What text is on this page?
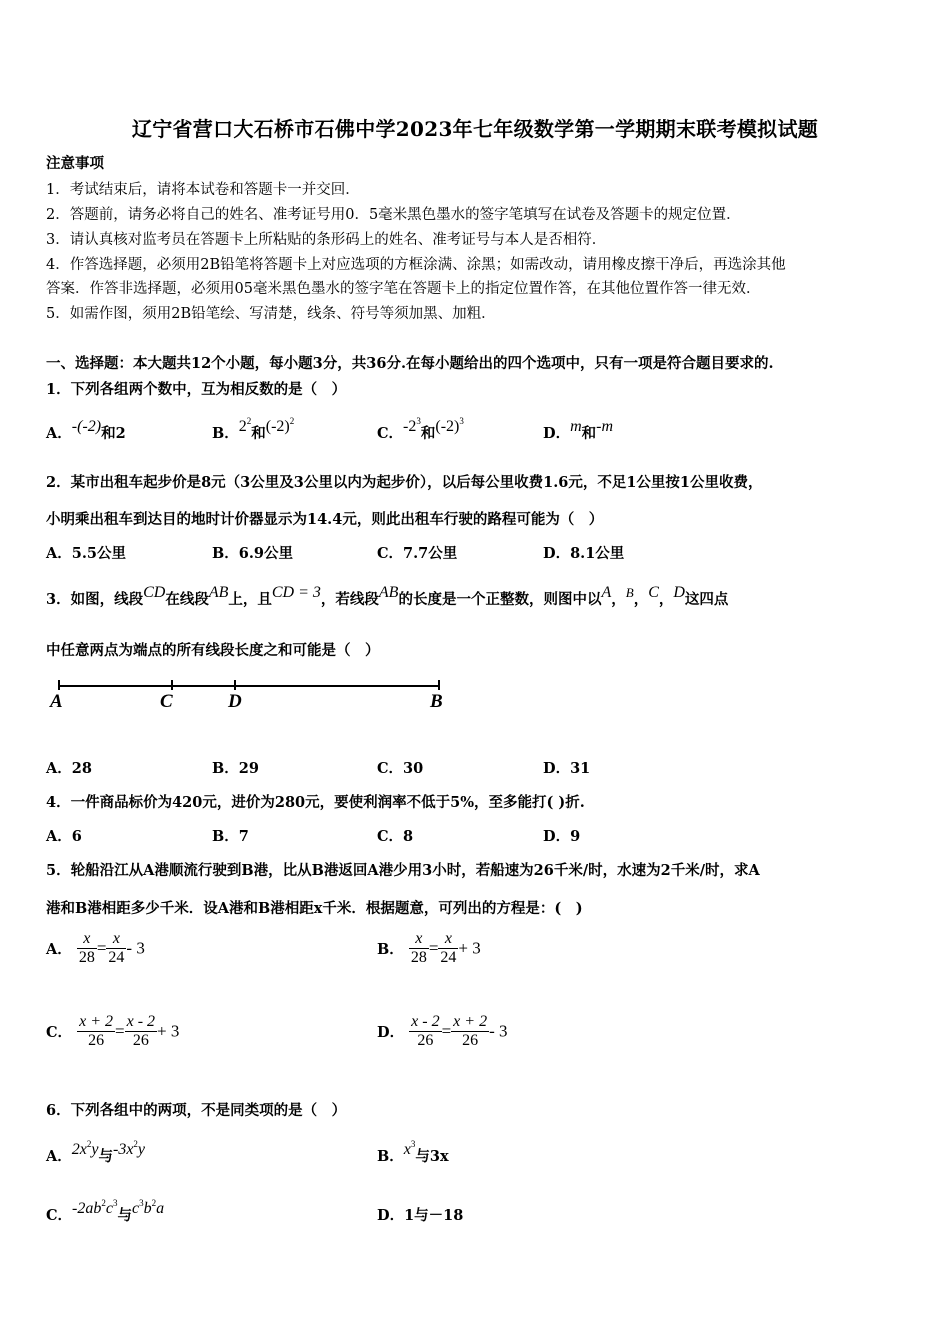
辽宁省营口大石桥市石佛中学2023年七年级数学第一学期期末联考模拟试题
注意事项
1．考试结束后，请将本试卷和答题卡一并交回．
2．答题前，请务必将自己的姓名、准考证号用0．5毫米黑色墨水的签字笔填写在试卷及答题卡的规定位置．
3．请认真核对监考员在答题卡上所粘贴的条形码上的姓名、准考证号与本人是否相符．
4．作答选择题，必须用2B铅笔将答题卡上对应选项的方框涂满、涂黑；如需改动，请用橡皮擦干净后，再选涂其他
答案．作答非选择题，必须用05毫米黑色墨水的签字笔在答题卡上的指定位置作答，在其他位置作答一律无效．
5．如需作图，须用2B铅笔绘、写清楚，线条、符号等须加黑、加粗．
一、选择题：本大题共12个小题，每小题3分，共36分.在每小题给出的四个选项中，只有一项是符合题目要求的.
1．下列各组两个数中，互为相反数的是（　）
A．-(-2)和2	B．$2^2$和$(-2)^2$
C．$-2^3$和$(-2)^3$
D．m和-m
2．某市出租车起步价是8元（3公里及3公里以内为起步价），以后每公里收费1.6元，不足1公里按1公里收费，
小明乘出租车到达目的地时计价器显示为14.4元，则此出租车行驶的路程可能为（　）
A．5.5公里	B．6.9公里	C．7.7公里	D．8.1公里
3．如图，线段CD在线段AB上，且CD = 3，若线段AB的长度是一个正整数，则图中以A，B，C，D这四点
中任意两点为端点的所有线段长度之和可能是（　）
A	C	D	B
A．28	B．29	C．30	D．31
4．一件商品标价为420元，进价为280元，要使利润率不低于5%，至多能打( )折.
A．6	B．7	C．8	D．9
5．轮船沿江从A港顺流行驶到B港，比从B港返回A港少用3小时，若船速为26千米/时，水速为2千米/时，求A
港和B港相距多少千米．设A港和B港相距x千米．根据题意，可列出的方程是：(　)
A． $\frac{x}{28} = \frac{x}{24} - 3$	B． $\frac{x}{28} = \frac{x}{24} + 3$
C． $\frac{x + 2}{26} = \frac{x - 2}{26} + 3$	D． $\frac{x - 2}{26} = \frac{x + 2}{26} - 3$
6．下列各组中的两项，不是同类项的是（　）
A．$2x^2y$与$-3x^2y$	B．$x^3$与3x
C．$-2ab^2c^3$与$c^3b^2a$	D．1与－18
